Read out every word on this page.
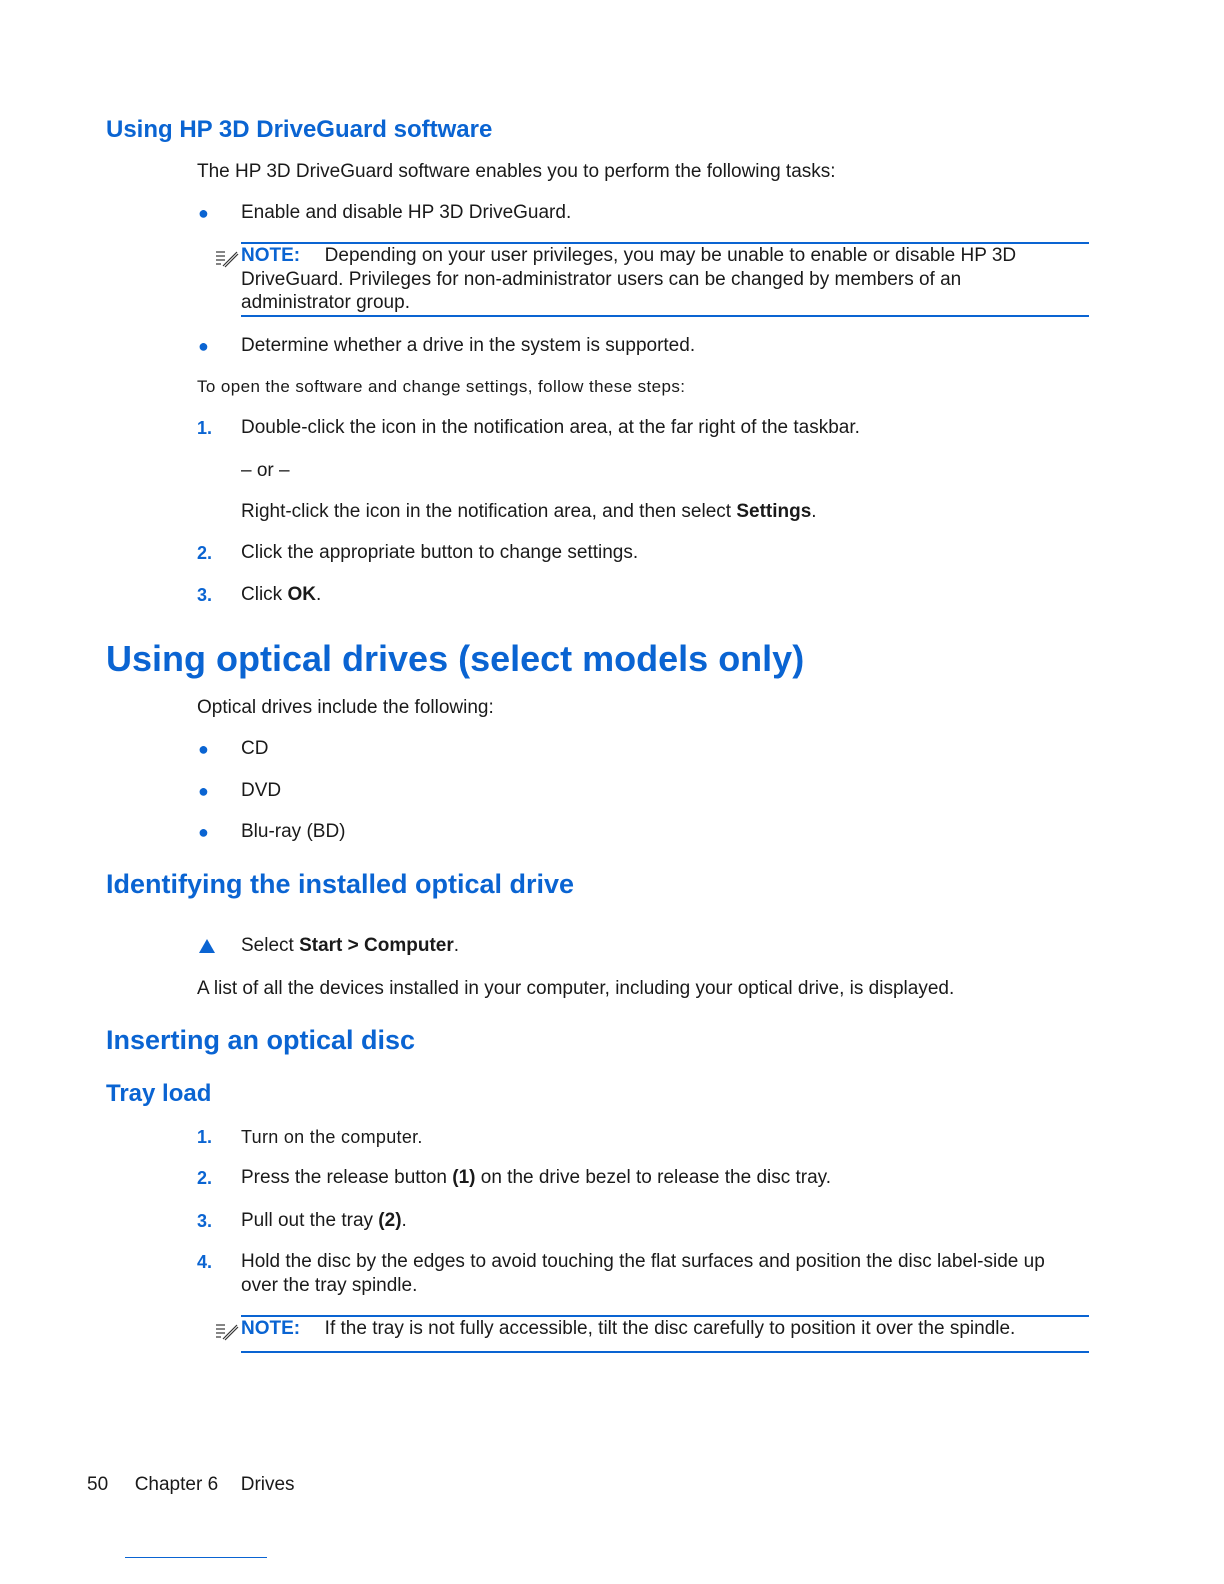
Using HP 3D DriveGuard software
The HP 3D DriveGuard software enables you to perform the following tasks:
● Enable and disable HP 3D DriveGuard.
NOTE: Depending on your user privileges, you may be unable to enable or disable HP 3D
DriveGuard. Privileges for non-administrator users can be changed by members of an
administrator group.
● Determine whether a drive in the system is supported.
To open the software and change settings, follow these steps:
1. Double-click the icon in the notification area, at the far right of the taskbar.
– or –
Right-click the icon in the notification area, and then select Settings.
2. Click the appropriate button to change settings.
3. Click OK.
Using optical drives (select models only)
Optical drives include the following:
● CD
● DVD
● Blu-ray (BD)
Identifying the installed optical drive
Select Start > Computer.
A list of all the devices installed in your computer, including your optical drive, is displayed.
Inserting an optical disc
Tray load
1. Turn on the computer.
2. Press the release button (1) on the drive bezel to release the disc tray.
3. Pull out the tray (2).
4. Hold the disc by the edges to avoid touching the flat surfaces and position the disc label-side up
over the tray spindle.
NOTE: If the tray is not fully accessible, tilt the disc carefully to position it over the spindle.
50 Chapter 6 Drives
